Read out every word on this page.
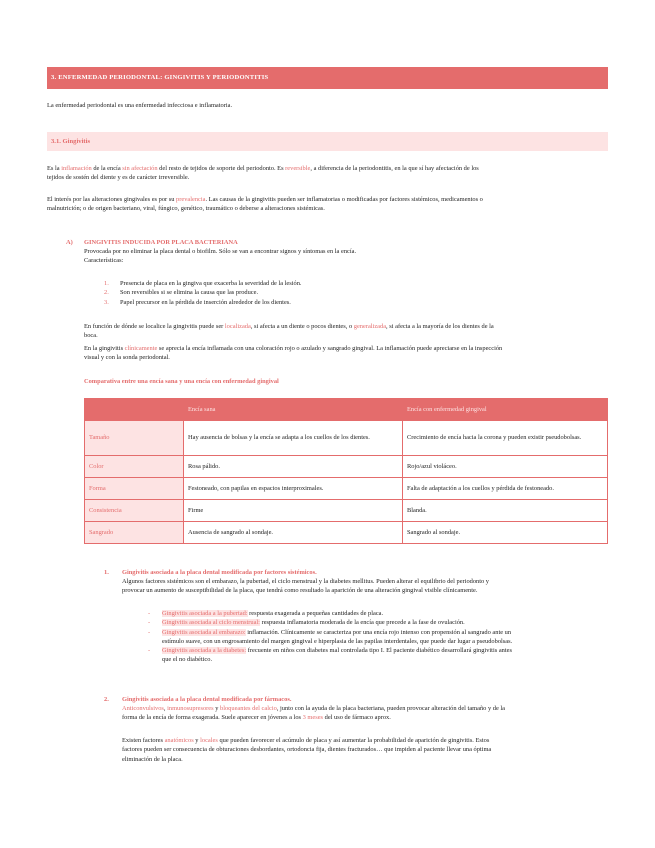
3. ENFERMEDAD PERIODONTAL: GINGIVITIS Y PERIODONTITIS
La enfermedad periodontal es una enfermedad infecciosa e inflamatoria.
3.1. Gingivitis
Es la inflamación de la encía sin afectación del resto de tejidos de soporte del periodonto. Es reversible, a diferencia de la periodontitis, en la que sí hay afectación de los
tejidos de sostén del diente y es de carácter irreversible.
El interés por las alteraciones gingivales es por su prevalencia. Las causas de la gingivitis pueden ser inflamatorias o modificadas por factores sistémicos, medicamentos o
malnutrición; o de origen bacteriano, viral, fúngico, genético, traumático o deberse a alteraciones sistémicas.
A) GINGIVITIS INDUCIDA POR PLACA BACTERIANA
Provocada por no eliminar la placa dental o biofilm. Sólo se van a encontrar signos y síntomas en la encía.
Características:
1. Presencia de placa en la gingiva que exacerba la severidad de la lesión.
2. Son reversibles si se elimina la causa que las produce.
3. Papel precursor en la pérdida de inserción alrededor de los dientes.
En función de dónde se localice la gingivitis puede ser localizada, si afecta a un diente o pocos dientes, o generalizada, si afecta a la mayoría de los dientes de la
boca.
En la gingivitis clínicamente se aprecia la encía inflamada con una coloración rojo o azulado y sangrado gingival. La inflamación puede apreciarse en la inspección
visual y con la sonda periodontal.
Comparativa entre una encía sana y una encía con enfermedad gingival
	Encía sana	Encía con enfermedad gingival
Tamaño	Hay ausencia de bolsas y la encía se adapta a los cuellos de los dientes.	Crecimiento de encía hacia la corona y pueden existir pseudobolsas.
Color	Rosa pálido.	Rojo/azul violáceo.
Forma	Festoneado, con papilas en espacios interproximales.	Falta de adaptación a los cuellos y pérdida de festoneado.
Consistencia	Firme	Blanda.
Sangrado	Ausencia de sangrado al sondaje.	Sangrado al sondaje.
1. Gingivitis asociada a la placa dental modificada por factores sistémicos.
Algunos factores sistémicos son el embarazo, la pubertad, el ciclo menstrual y la diabetes mellitus. Pueden alterar el equilibrio del periodonto y
provocar un aumento de susceptibilidad de la placa, que tendrá como resultado la aparición de una alteración gingival visible clínicamente.
- Gingivitis asociada a la pubertad: respuesta exagerada a pequeñas cantidades de placa.
- Gingivitis asociada al ciclo menstrual: respuesta inflamatoria moderada de la encía que precede a la fase de ovulación.
- Gingivitis asociada al embarazo: inflamación. Clínicamente se caracteriza por una encía rojo intenso con propensión al sangrado ante un
estímulo suave, con un engrosamiento del margen gingival e hiperplasia de las papilas interdentales, que puede dar lugar a pseudobolsas.
- Gingivitis asociada a la diabetes: frecuente en niños con diabetes mal controlada tipo I. El paciente diabético desarrollará gingivitis antes
que el no diabético.
2. Gingivitis asociada a la placa dental modificada por fármacos.
Anticonvulsivos, inmunosupresores y bloqueantes del calcio, junto con la ayuda de la placa bacteriana, pueden provocar alteración del tamaño y de la
forma de la encía de forma exagerada. Suele aparecer en jóvenes a los 3 meses del uso de fármaco aprox.
Existen factores anatómicos y locales que pueden favorecer el acúmulo de placa y así aumentar la probabilidad de aparición de gingivitis. Estos
factores pueden ser consecuencia de obturaciones desbordantes, ortodoncia fija, dientes fracturados… que impiden al paciente llevar una óptima
eliminación de la placa.
